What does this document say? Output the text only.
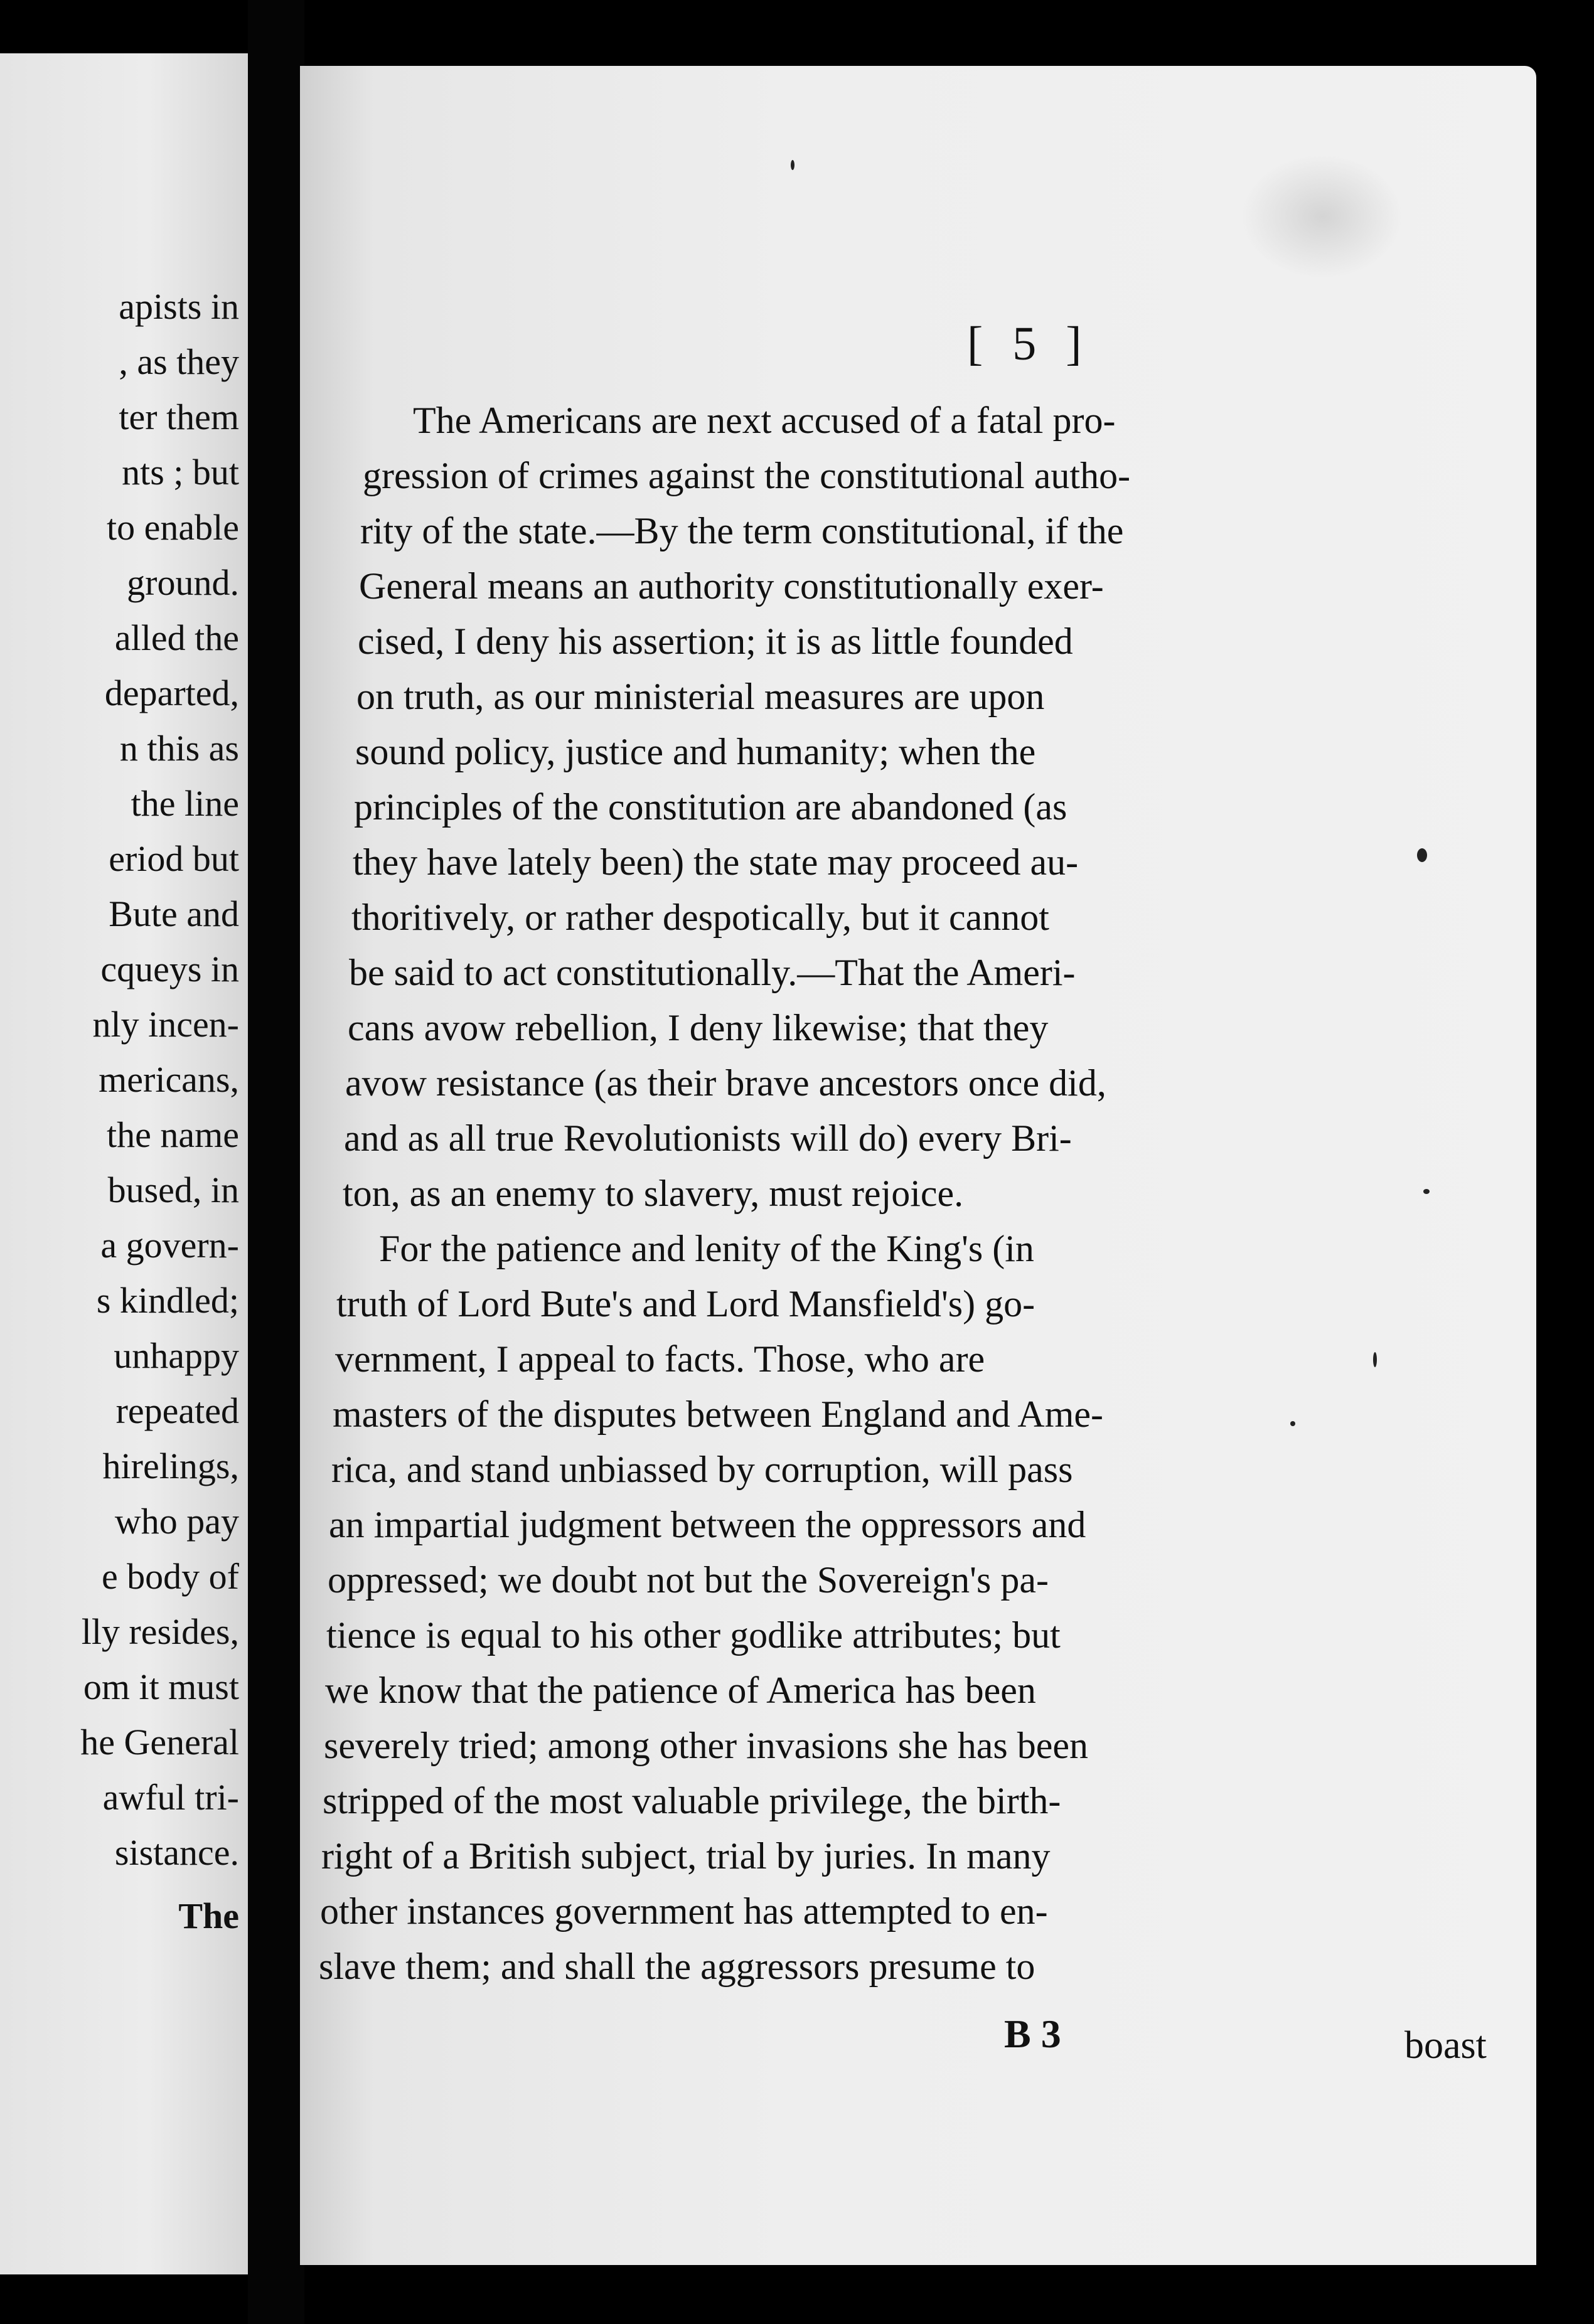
apists in
, as they
ter them
nts ; but
to enable
ground.
alled the
departed,
n this as
the line
eriod but
Bute and
cqueys in
nly incen-
mericans,
the name
bused, in
a govern-
s kindled;
unhappy
repeated
hirelings,
who pay
e body of
lly resides,
om it must
he General
awful tri-
sistance.
The
[ 5 ]
The Americans are next accused of a fatal pro-
gression of crimes against the constitutional autho-
rity of the state.—By the term constitutional, if the
General means an authority constitutionally exer-
cised, I deny his assertion; it is as little founded
on truth, as our ministerial measures are upon
sound policy, justice and humanity; when the
principles of the constitution are abandoned (as
they have lately been) the state may proceed au-
thoritively, or rather despotically, but it cannot
be said to act constitutionally.—That the Ameri-
cans avow rebellion, I deny likewise; that they
avow resistance (as their brave ancestors once did,
and as all true Revolutionists will do) every Bri-
ton, as an enemy to slavery, must rejoice.
For the patience and lenity of the King's (in
truth of Lord Bute's and Lord Mansfield's) go-
vernment, I appeal to facts. Those, who are
masters of the disputes between England and Ame-
rica, and stand unbiassed by corruption, will pass
an impartial judgment between the oppressors and
oppressed; we doubt not but the Sovereign's pa-
tience is equal to his other godlike attributes; but
we know that the patience of America has been
severely tried; among other invasions she has been
stripped of the most valuable privilege, the birth-
right of a British subject, trial by juries. In many
other instances government has attempted to en-
slave them; and shall the aggressors presume to
B 3	boast
